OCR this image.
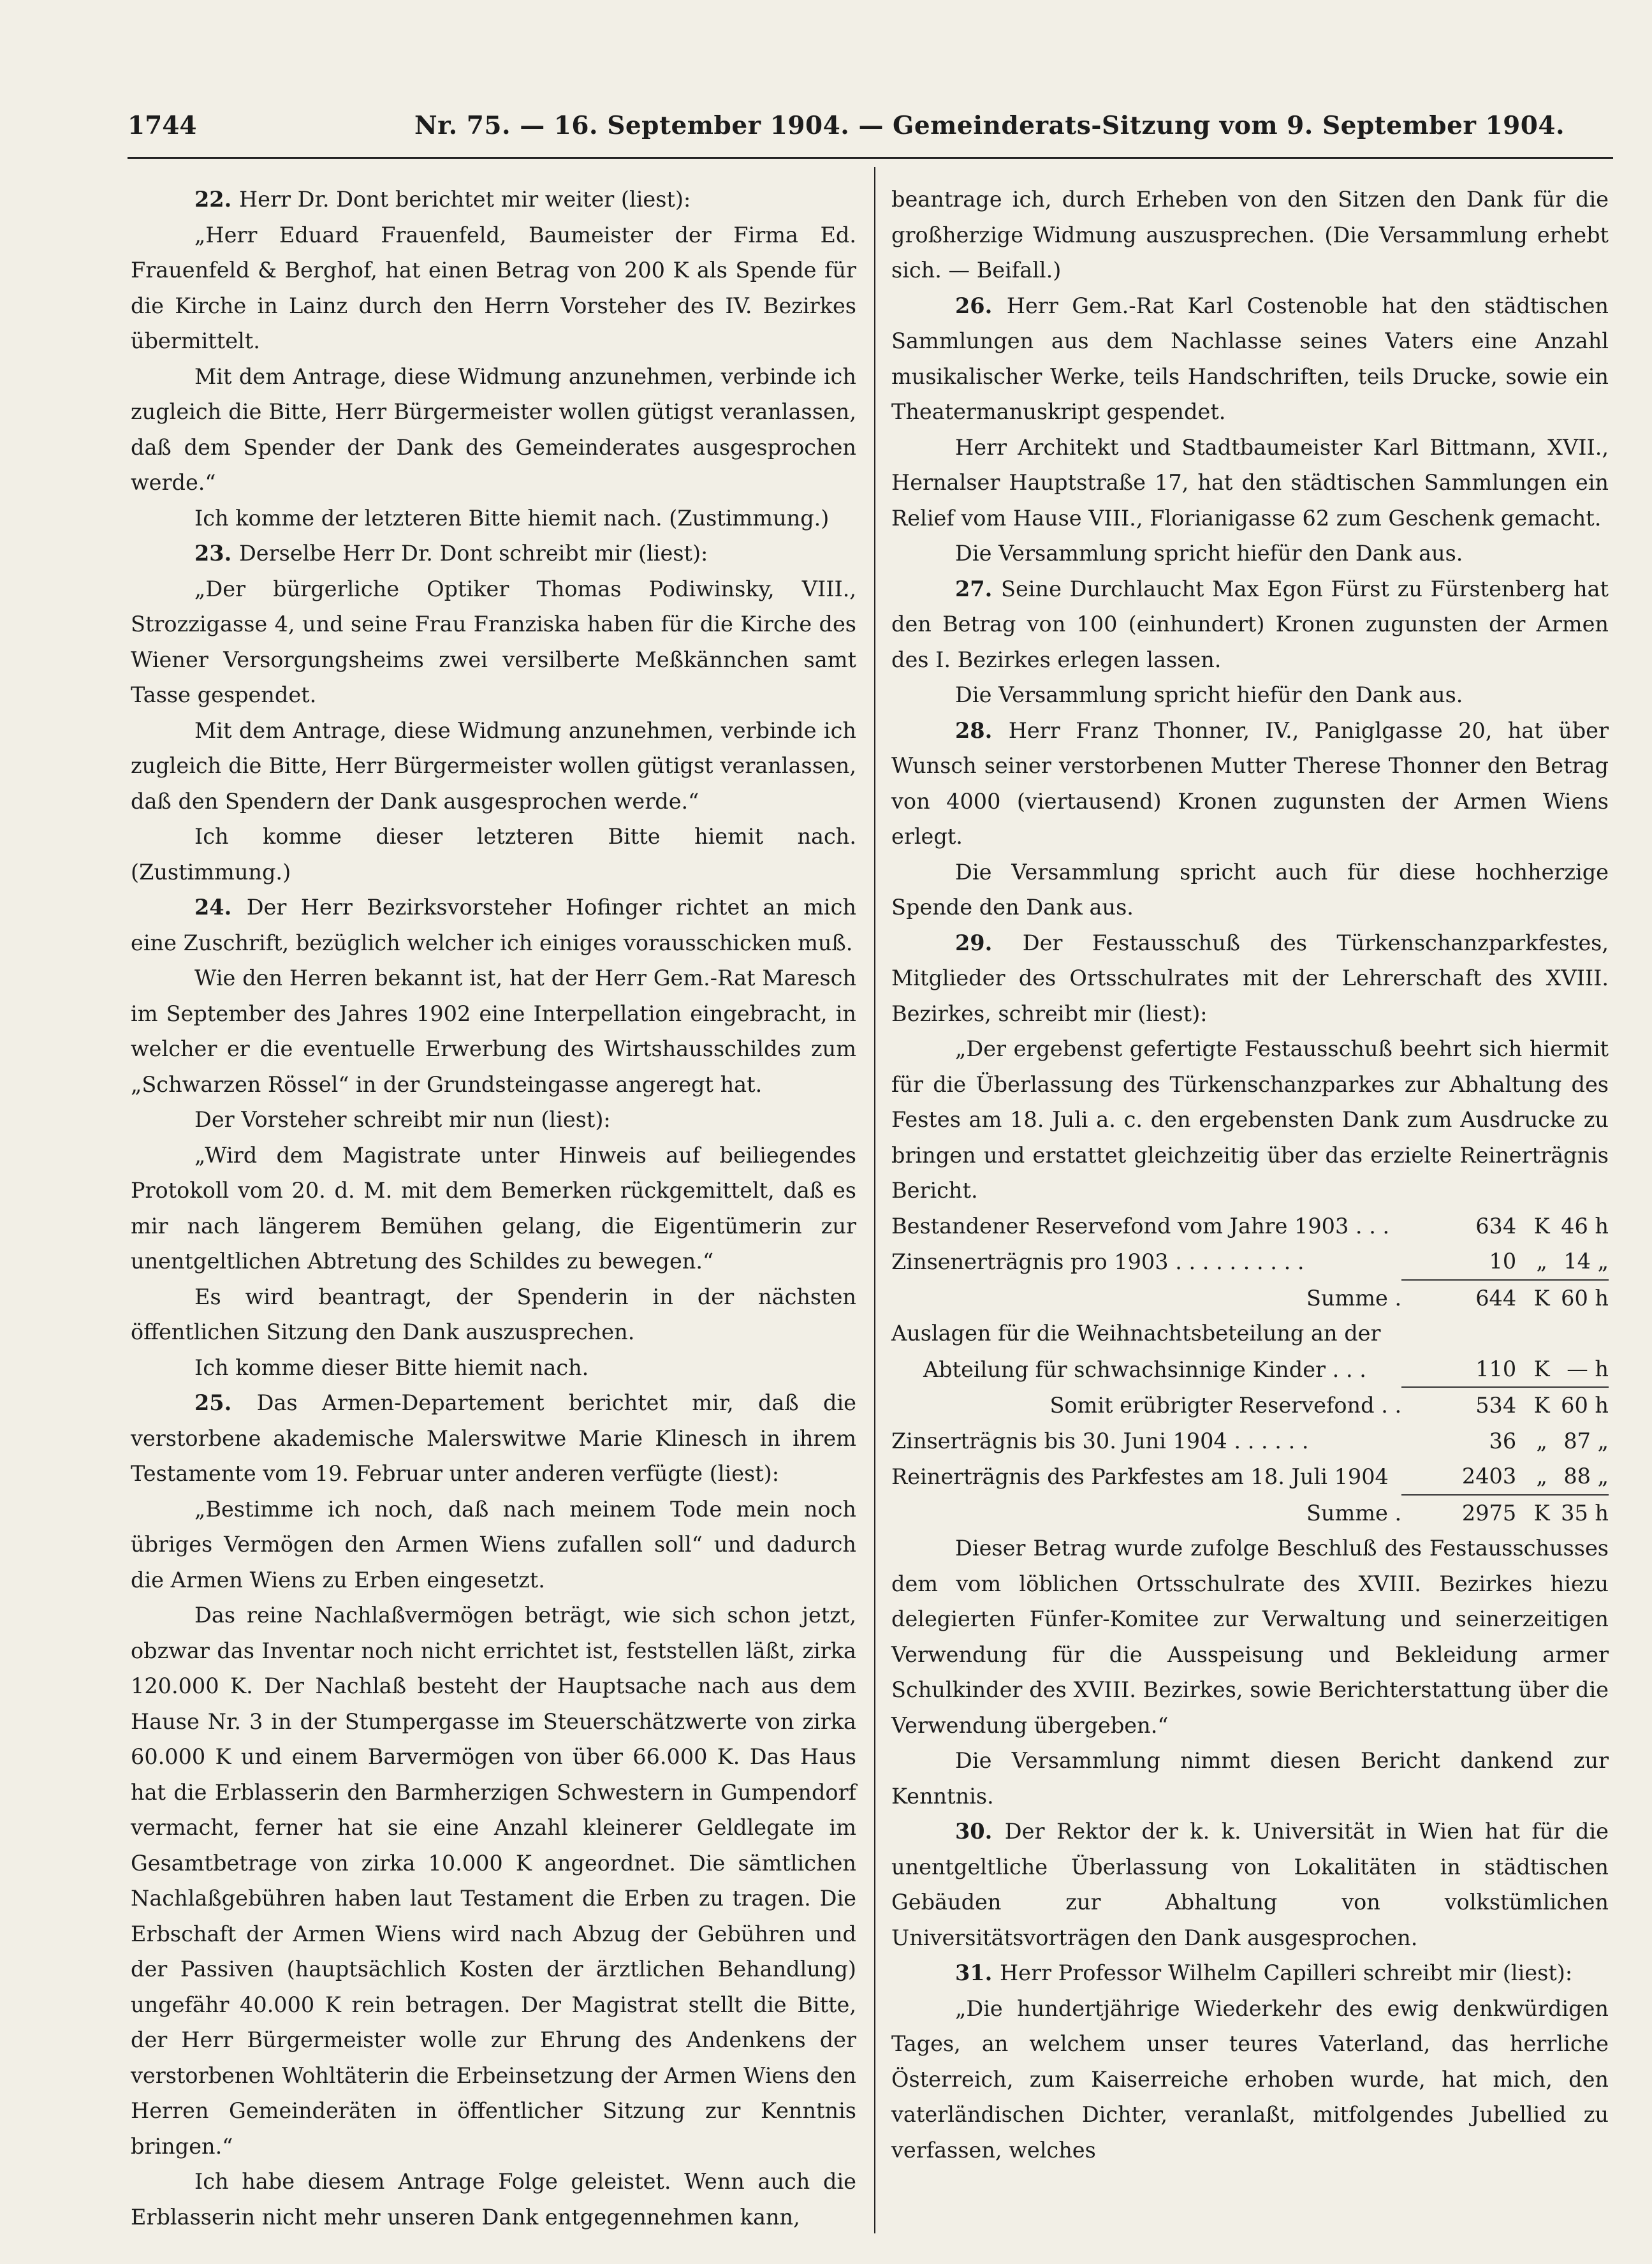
1744	Nr. 75. — 16. September 1904. — Gemeinderats-Sitzung vom 9. September 1904.

22. Herr Dr. Dont berichtet mir weiter (liest):

„Herr Eduard Frauenfeld, Baumeister der Firma Ed. Frauenfeld & Berghof, hat einen Betrag von 200 K als Spende für die Kirche in Lainz durch den Herrn Vorsteher des IV. Bezirkes übermittelt.

Mit dem Antrage, diese Widmung anzunehmen, verbinde ich zugleich die Bitte, Herr Bürgermeister wollen gütigst veranlassen, daß dem Spender der Dank des Gemeinderates ausgesprochen werde.“

Ich komme der letzteren Bitte hiemit nach. (Zustimmung.)

23. Derselbe Herr Dr. Dont schreibt mir (liest):

„Der bürgerliche Optiker Thomas Podiwinsky, VIII., Strozzigasse 4, und seine Frau Franziska haben für die Kirche des Wiener Versorgungsheims zwei versilberte Meßkännchen samt Tasse gespendet.

Mit dem Antrage, diese Widmung anzunehmen, verbinde ich zugleich die Bitte, Herr Bürgermeister wollen gütigst veranlassen, daß den Spendern der Dank ausgesprochen werde.“

Ich komme dieser letzteren Bitte hiemit nach. (Zustimmung.)

24. Der Herr Bezirksvorsteher Hofinger richtet an mich eine Zuschrift, bezüglich welcher ich einiges vorausschicken muß.

Wie den Herren bekannt ist, hat der Herr Gem.-Rat Maresch im September des Jahres 1902 eine Interpellation eingebracht, in welcher er die eventuelle Erwerbung des Wirtshausschildes zum „Schwarzen Rössel“ in der Grundsteingasse angeregt hat.

Der Vorsteher schreibt mir nun (liest):

„Wird dem Magistrate unter Hinweis auf beiliegendes Protokoll vom 20. d. M. mit dem Bemerken rückgemittelt, daß es mir nach längerem Bemühen gelang, die Eigentümerin zur unentgeltlichen Abtretung des Schildes zu bewegen.“

Es wird beantragt, der Spenderin in der nächsten öffentlichen Sitzung den Dank auszusprechen.

Ich komme dieser Bitte hiemit nach.

25. Das Armen-Departement berichtet mir, daß die verstorbene akademische Malerswitwe Marie Klinesch in ihrem Testamente vom 19. Februar unter anderen verfügte (liest):

„Bestimme ich noch, daß nach meinem Tode mein noch übriges Vermögen den Armen Wiens zufallen soll“ und dadurch die Armen Wiens zu Erben eingesetzt.

Das reine Nachlaßvermögen beträgt, wie sich schon jetzt, obzwar das Inventar noch nicht errichtet ist, feststellen läßt, zirka 120.000 K. Der Nachlaß besteht der Hauptsache nach aus dem Hause Nr. 3 in der Stumpergasse im Steuerschätzwerte von zirka 60.000 K und einem Barvermögen von über 66.000 K. Das Haus hat die Erblasserin den Barmherzigen Schwestern in Gumpendorf vermacht, ferner hat sie eine Anzahl kleinerer Geldlegate im Gesamtbetrage von zirka 10.000 K angeordnet. Die sämtlichen Nachlaßgebühren haben laut Testament die Erben zu tragen. Die Erbschaft der Armen Wiens wird nach Abzug der Gebühren und der Passiven (hauptsächlich Kosten der ärztlichen Behandlung) ungefähr 40.000 K rein betragen. Der Magistrat stellt die Bitte, der Herr Bürgermeister wolle zur Ehrung des Andenkens der verstorbenen Wohltäterin die Erbeinsetzung der Armen Wiens den Herren Gemeinderäten in öffentlicher Sitzung zur Kenntnis bringen.“

Ich habe diesem Antrage Folge geleistet. Wenn auch die Erblasserin nicht mehr unseren Dank entgegennehmen kann,

beantrage ich, durch Erheben von den Sitzen den Dank für die großherzige Widmung auszusprechen. (Die Versammlung erhebt sich. — Beifall.)

26. Herr Gem.-Rat Karl Costenoble hat den städtischen Sammlungen aus dem Nachlasse seines Vaters eine Anzahl musikalischer Werke, teils Handschriften, teils Drucke, sowie ein Theatermanuskript gespendet.

Herr Architekt und Stadtbaumeister Karl Bittmann, XVII., Hernalser Hauptstraße 17, hat den städtischen Sammlungen ein Relief vom Hause VIII., Florianigasse 62 zum Geschenk gemacht.

Die Versammlung spricht hiefür den Dank aus.

27. Seine Durchlaucht Max Egon Fürst zu Fürstenberg hat den Betrag von 100 (einhundert) Kronen zugunsten der Armen des I. Bezirkes erlegen lassen.

Die Versammlung spricht hiefür den Dank aus.

28. Herr Franz Thonner, IV., Paniglgasse 20, hat über Wunsch seiner verstorbenen Mutter Therese Thonner den Betrag von 4000 (viertausend) Kronen zugunsten der Armen Wiens erlegt.

Die Versammlung spricht auch für diese hochherzige Spende den Dank aus.

29. Der Festausschuß des Türkenschanzparkfestes, Mitglieder des Ortsschulrates mit der Lehrerschaft des XVIII. Bezirkes, schreibt mir (liest):

„Der ergebenst gefertigte Festausschuß beehrt sich hiermit für die Überlassung des Türkenschanzparkes zur Abhaltung des Festes am 18. Juli a. c. den ergebensten Dank zum Ausdrucke zu bringen und erstattet gleichzeitig über das erzielte Reinerträgnis Bericht.

Bestandener Reservefond vom Jahre 1903 . . .	634	K	46 h
Zinsenerträgnis pro 1903 . . . . . . . . . .	10	„	14 „
Summe .	644	K	60 h
Auslagen für die Weihnachtsbeteilung an der			
Abteilung für schwachsinnige Kinder . . .	110	K	— h
Somit erübrigter Reservefond . .	534	K	60 h
Zinserträgnis bis 30. Juni 1904 . . . . . .	36	„	87 „
Reinerträgnis des Parkfestes am 18. Juli 1904	2403	„	88 „
Summe .	2975	K	35 h

Dieser Betrag wurde zufolge Beschluß des Festausschusses dem vom löblichen Ortsschulrate des XVIII. Bezirkes hiezu delegierten Fünfer-Komitee zur Verwaltung und seinerzeitigen Verwendung für die Ausspeisung und Bekleidung armer Schulkinder des XVIII. Bezirkes, sowie Berichterstattung über die Verwendung übergeben.“

Die Versammlung nimmt diesen Bericht dankend zur Kenntnis.

30. Der Rektor der k. k. Universität in Wien hat für die unentgeltliche Überlassung von Lokalitäten in städtischen Gebäuden zur Abhaltung von volkstümlichen Universitätsvorträgen den Dank ausgesprochen.

31. Herr Professor Wilhelm Capilleri schreibt mir (liest):

„Die hundertjährige Wiederkehr des ewig denkwürdigen Tages, an welchem unser teures Vaterland, das herrliche Österreich, zum Kaiserreiche erhoben wurde, hat mich, den vaterländischen Dichter, veranlaßt, mitfolgendes Jubellied zu verfassen, welches
